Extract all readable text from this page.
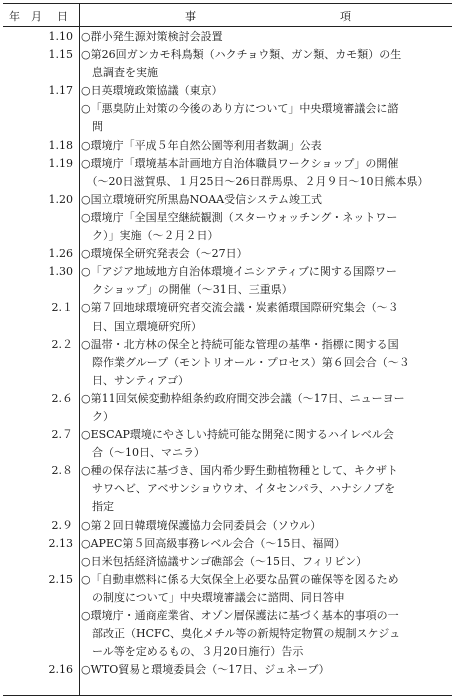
年 月 日	事	項
1.10 ○群小発生源対策検討会設置
1.15 ○第26回ガンカモ科鳥類（ハクチョウ類、ガン類、カモ類）の生
　息調査を実施
1.17 ○日英環境政策協議（東京）
○「悪臭防止対策の今後のあり方について」中央環境審議会に諮
　問
1.18 ○環境庁「平成５年自然公園等利用者数調」公表
1.19 ○環境庁「環境基本計画地方自治体職員ワークショップ」の開催
　（〜20日滋賀県、１月25日〜26日群馬県、２月９日〜10日熊本県）
1.20 ○国立環境研究所黒島NOAA受信システム竣工式
○環境庁「全国星空継続観測（スターウォッチング・ネットワー
　ク）」実施（〜２月２日）
1.26 ○環境保全研究発表会（〜27日）
1.30 ○「アジア地域地方自治体環境イニシアティブに関する国際ワー
　クショップ」の開催（〜31日、三重県）
2.１ ○第７回地球環境研究者交流会議・炭素循環国際研究集会（〜３
　日、国立環境研究所）
2.２ ○温帯・北方林の保全と持続可能な管理の基準・指標に関する国
　際作業グループ（モントリオール・プロセス）第６回会合（〜３
　日、サンティアゴ）
2.６ ○第11回気候変動枠組条約政府間交渉会議（〜17日、ニューヨー
　ク）
2.７ ○ESCAP環境にやさしい持続可能な開発に関するハイレベル会
　合（〜10日、マニラ）
2.８ ○種の保存法に基づき、国内希少野生動植物種として、キクザト
　サワヘビ、アベサンショウウオ、イタセンパラ、ハナシノブを
　指定
2.９ ○第２回日韓環境保護協力会同委員会（ソウル）
2.13 ○APEC第５回高級事務レベル会合（〜15日、福岡）
○日米包括経済協議サンゴ礁部会（〜15日、フィリピン）
2.15 ○「自動車燃料に係る大気保全上必要な品質の確保等を図るため
　の制度について」中央環境審議会に諮問、同日答申
○環境庁・通商産業省、オゾン層保護法に基づく基本的事項の一
　部改正（HCFC、臭化メチル等の新規特定物質の規制スケジュ
　ール等を定めるもの、３月20日施行）告示
2.16 ○WTO貿易と環境委員会（〜17日、ジュネーブ）
